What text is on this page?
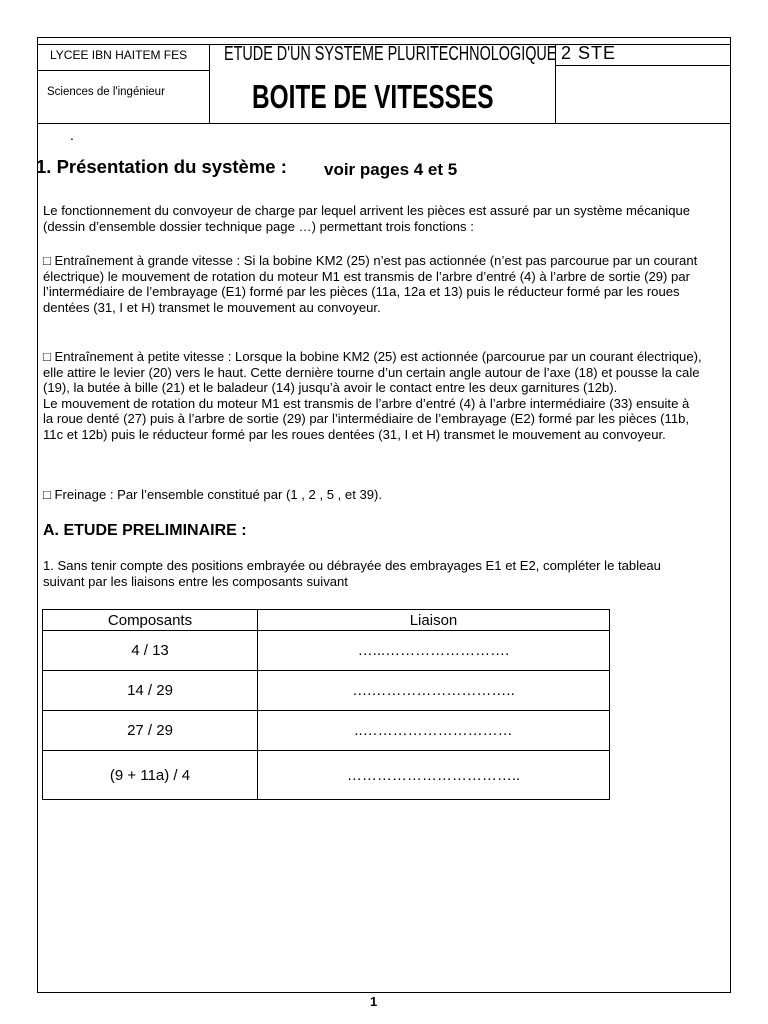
LYCEE IBN HAITEM FES
Sciences de l'ingénieur
ETUDE D'UN SYSTEME PLURITECHNOLOGIQUE
BOITE DE VITESSES
2 STE
.
1. Présentation du système : voir pages 4 et 5

Le fonctionnement du convoyeur de charge par lequel arrivent les pièces est assuré par un système mécanique (dessin d’ensemble dossier technique page …) permettant trois fonctions :

□ Entraînement à grande vitesse : Si la bobine KM2 (25) n’est pas actionnée (n’est pas parcourue par un courant électrique) le mouvement de rotation du moteur M1 est transmis de l’arbre d’entré (4) à l’arbre de sortie (29) par l’intermédiaire de l’embrayage (E1) formé par les pièces (11a, 12a et 13) puis le réducteur formé par les roues dentées (31, I et H) transmet le mouvement au convoyeur.

□ Entraînement à petite vitesse : Lorsque la bobine KM2 (25) est actionnée (parcourue par un courant électrique), elle attire le levier (20) vers le haut. Cette dernière tourne d’un certain angle autour de l’axe (18) et pousse la cale (19), la butée à bille (21) et le baladeur (14) jusqu’à avoir le contact entre les deux garnitures (12b).

Le mouvement de rotation du moteur M1 est transmis de l’arbre d’entré (4) à l’arbre intermédiaire (33) ensuite à la roue denté (27) puis à l’arbre de sortie (29) par l’intermédiaire de l’embrayage (E2) formé par les pièces (11b, 11c et 12b) puis le réducteur formé par les roues dentées (31, I et H) transmet le mouvement au convoyeur.

□ Freinage : Par l’ensemble constitué par (1 , 2 , 5 , et 39).

A. ETUDE PRELIMINAIRE :

1. Sans tenir compte des positions embrayée ou débrayée des embrayages E1 et E2, compléter le tableau suivant par les liaisons entre les composants suivant

Composants	Liaison
4 / 13	…...…………………….
14 / 29	….………………………..
27 / 29	..…………………………
(9 + 11a) / 4	……………………………..
1
